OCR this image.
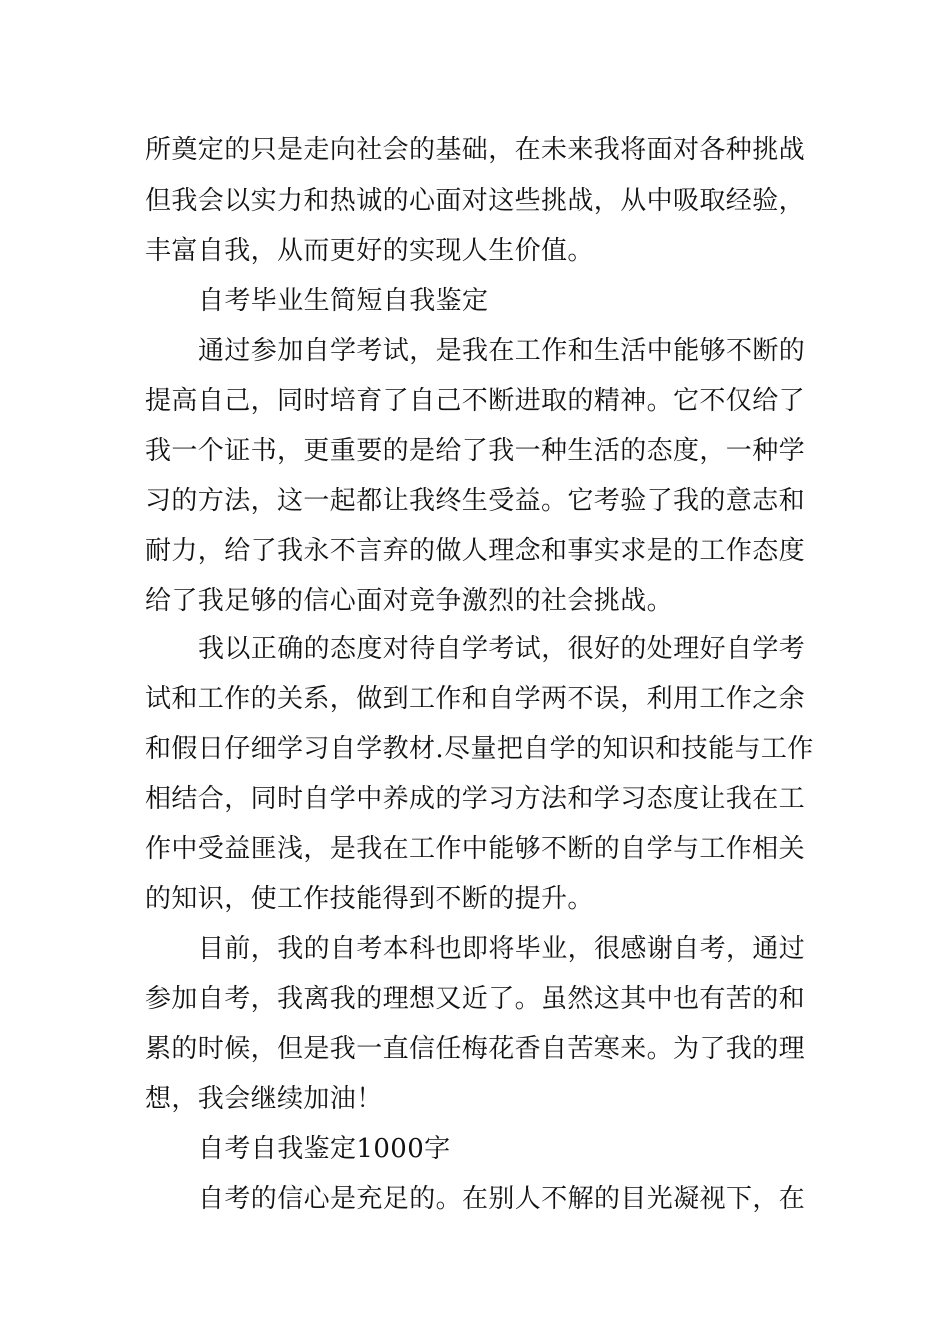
所奠定的只是走向社会的基础，在未来我将面对各种挑战
但我会以实力和热诚的心面对这些挑战，从中吸取经验，
丰富自我，从而更好的实现人生价值。
自考毕业生简短自我鉴定
通过参加自学考试，是我在工作和生活中能够不断的
提高自己，同时培育了自己不断进取的精神。它不仅给了
我一个证书，更重要的是给了我一种生活的态度，一种学
习的方法，这一起都让我终生受益。它考验了我的意志和
耐力，给了我永不言弃的做人理念和事实求是的工作态度
给了我足够的信心面对竞争激烈的社会挑战。
我以正确的态度对待自学考试，很好的处理好自学考
试和工作的关系，做到工作和自学两不误，利用工作之余
和假日仔细学习自学教材.尽量把自学的知识和技能与工作
相结合，同时自学中养成的学习方法和学习态度让我在工
作中受益匪浅，是我在工作中能够不断的自学与工作相关
的知识，使工作技能得到不断的提升。
目前，我的自考本科也即将毕业，很感谢自考，通过
参加自考，我离我的理想又近了。虽然这其中也有苦的和
累的时候，但是我一直信任梅花香自苦寒来。为了我的理
想，我会继续加油！
自考自我鉴定1000字
自考的信心是充足的。在别人不解的目光凝视下，在
